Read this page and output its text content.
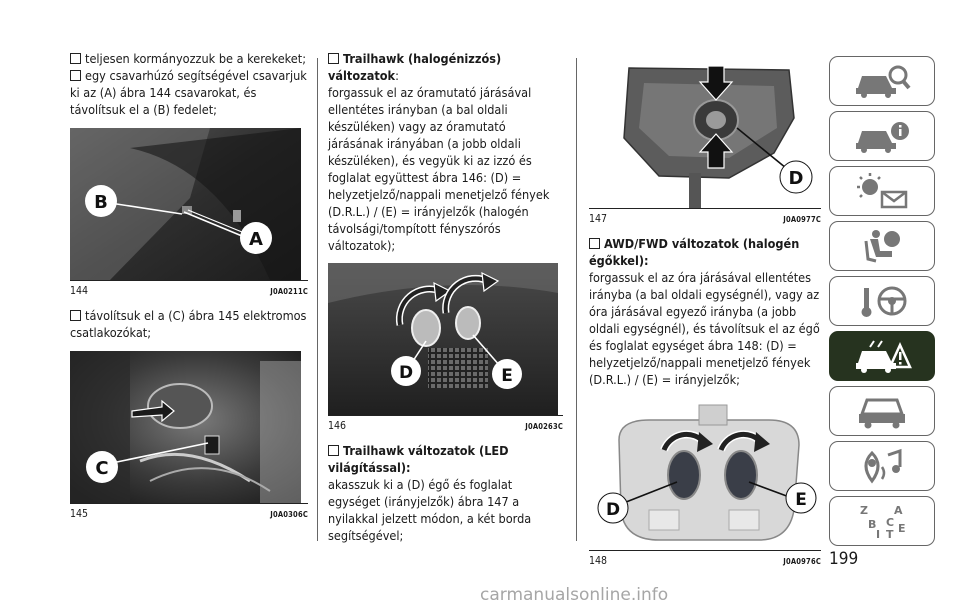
teljesen kormányozzuk be a kerekeket;

egy csavarhúzó segítségével csavarjuk ki az (A) ábra 144 csavarokat, és távolítsuk el a (B) fedelet;

B
A
144	J0A0211C

távolítsuk el a (C) ábra 145 elektromos csatlakozókat;

C
145	J0A0306C

Trailhawk (halogénizzós) változatok:
forgassuk el az óramutató járásával ellentétes irányban (a bal oldali készüléken) vagy az óramutató járásának irányában (a jobb oldali készüléken), és vegyük ki az izzó és foglalat együttest ábra 146: (D) = helyzetjelző/nappali menetjelző fények (D.R.L.) / (E) = irányjelzők (halogén távolsági/tompított fényszórós változatok);

D	E
146	J0A0263C

Trailhawk változatok (LED világítással):
akasszuk ki a (D) égő és foglalat egységet (irányjelzők) ábra 147 a nyilakkal jelzett módon, a két borda segítségével;

D
147	J0A0977C

AWD/FWD változatok (halogén égőkkel):
forgassuk el az óra járásával ellentétes irányba (a bal oldali egységnél), vagy az óra járásával egyező irányba (a jobb oldali egységnél), és távolítsuk el az égő és foglalat egységet ábra 148: (D) = helyzetjelző/nappali menetjelző fények (D.R.L.) / (E) = irányjelzők;

D	E
148	J0A0976C
Z A
C
B E
I T
199
carmanualsonline.info
